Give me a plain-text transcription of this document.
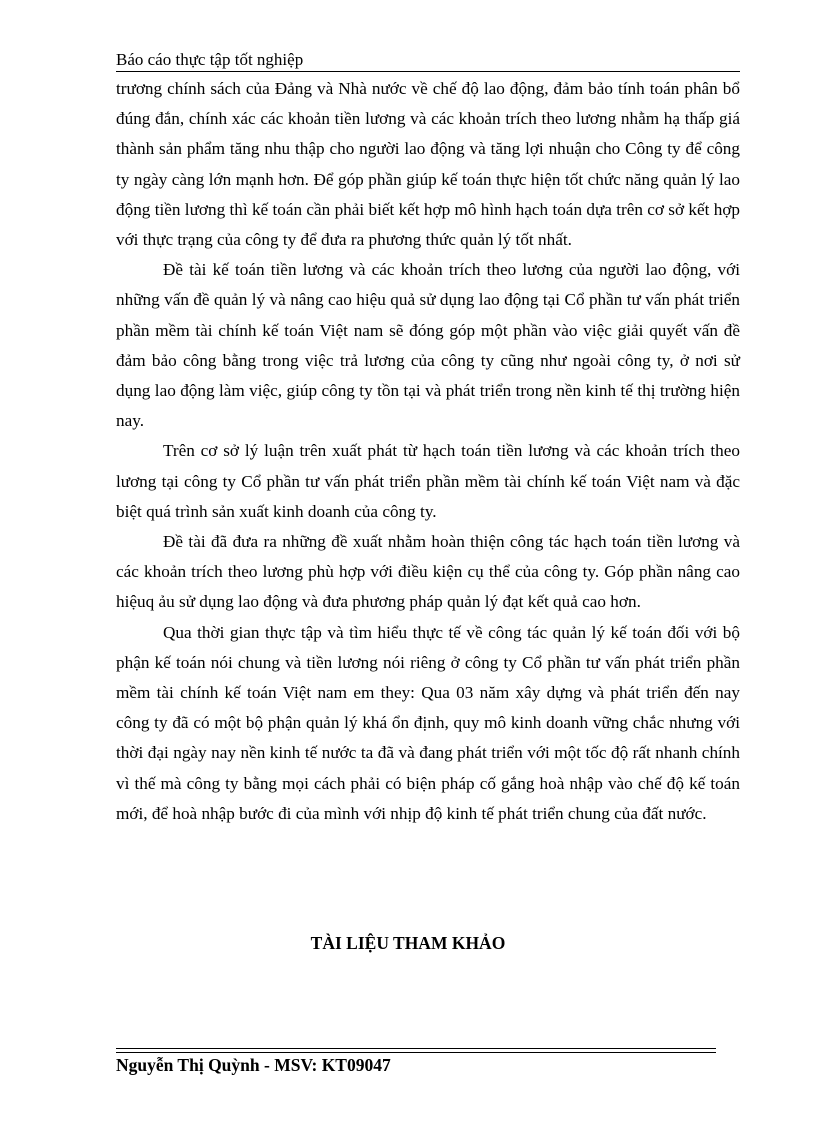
Báo cáo thực tập tốt nghiệp

trương chính sách của Đảng và Nhà nước về chế độ lao động, đảm bảo tính toán phân bổ đúng đắn, chính xác các khoản tiền lương và các khoản trích theo lương nhằm hạ thấp giá thành sản phẩm tăng nhu thập cho người lao động và tăng lợi nhuận cho Công ty để công ty ngày càng lớn mạnh hơn. Để góp phần giúp kế toán thực hiện tốt chức năng quản lý lao động tiền lương thì kế toán cần phải biết kết hợp mô hình hạch toán dựa trên cơ sở kết hợp với thực trạng của công ty để đưa ra phương thức quản lý tốt nhất.

Đề tài kế toán tiền lương và các khoản trích theo lương của người lao động, với những vấn đề quản lý và nâng cao hiệu quả sử dụng lao động tại Cổ phần tư vấn phát triển phần mềm tài chính kế toán Việt nam sẽ đóng góp một phần vào việc giải quyết vấn đề đảm bảo công bằng trong việc trả lương của công ty cũng như ngoài công ty, ở nơi sử dụng lao động làm việc, giúp công ty tồn tại và phát triển trong nền kinh tế thị trường hiện nay.

Trên cơ sở lý luận trên xuất phát từ hạch toán tiền lương và các khoản trích theo lương tại công ty Cổ phần tư vấn phát triển phần mềm tài chính kế toán Việt nam và đặc biệt quá trình sản xuất kinh doanh của công ty.

Đề tài đã đưa ra những đề xuất nhằm hoàn thiện công tác hạch toán tiền lương và các khoản trích theo lương phù hợp với điều kiện cụ thể của công ty. Góp phần nâng cao hiệuq ảu sử dụng lao động và đưa phương pháp quản lý đạt kết quả cao hơn.

Qua thời gian thực tập và tìm hiểu thực tế về công tác quản lý kế toán đối với bộ phận kế toán nói chung và tiền lương nói riêng ở công ty Cổ phần tư vấn phát triển phần mềm tài chính kế toán Việt nam em they: Qua 03 năm xây dựng và phát triển đến nay công ty đã có một bộ phận quản lý khá ổn định, quy mô kinh doanh vững chắc nhưng với thời đại ngày nay nền kinh tế nước ta đã và đang phát triển với một tốc độ rất nhanh chính vì thế mà công ty bằng mọi cách phải có biện pháp cố gắng hoà nhập vào chế độ kế toán mới, để hoà nhập bước đi của mình với nhịp độ kinh tế phát triển chung của đất nước.

TÀI LIỆU THAM KHẢO
Nguyễn Thị Quỳnh - MSV: KT09047
